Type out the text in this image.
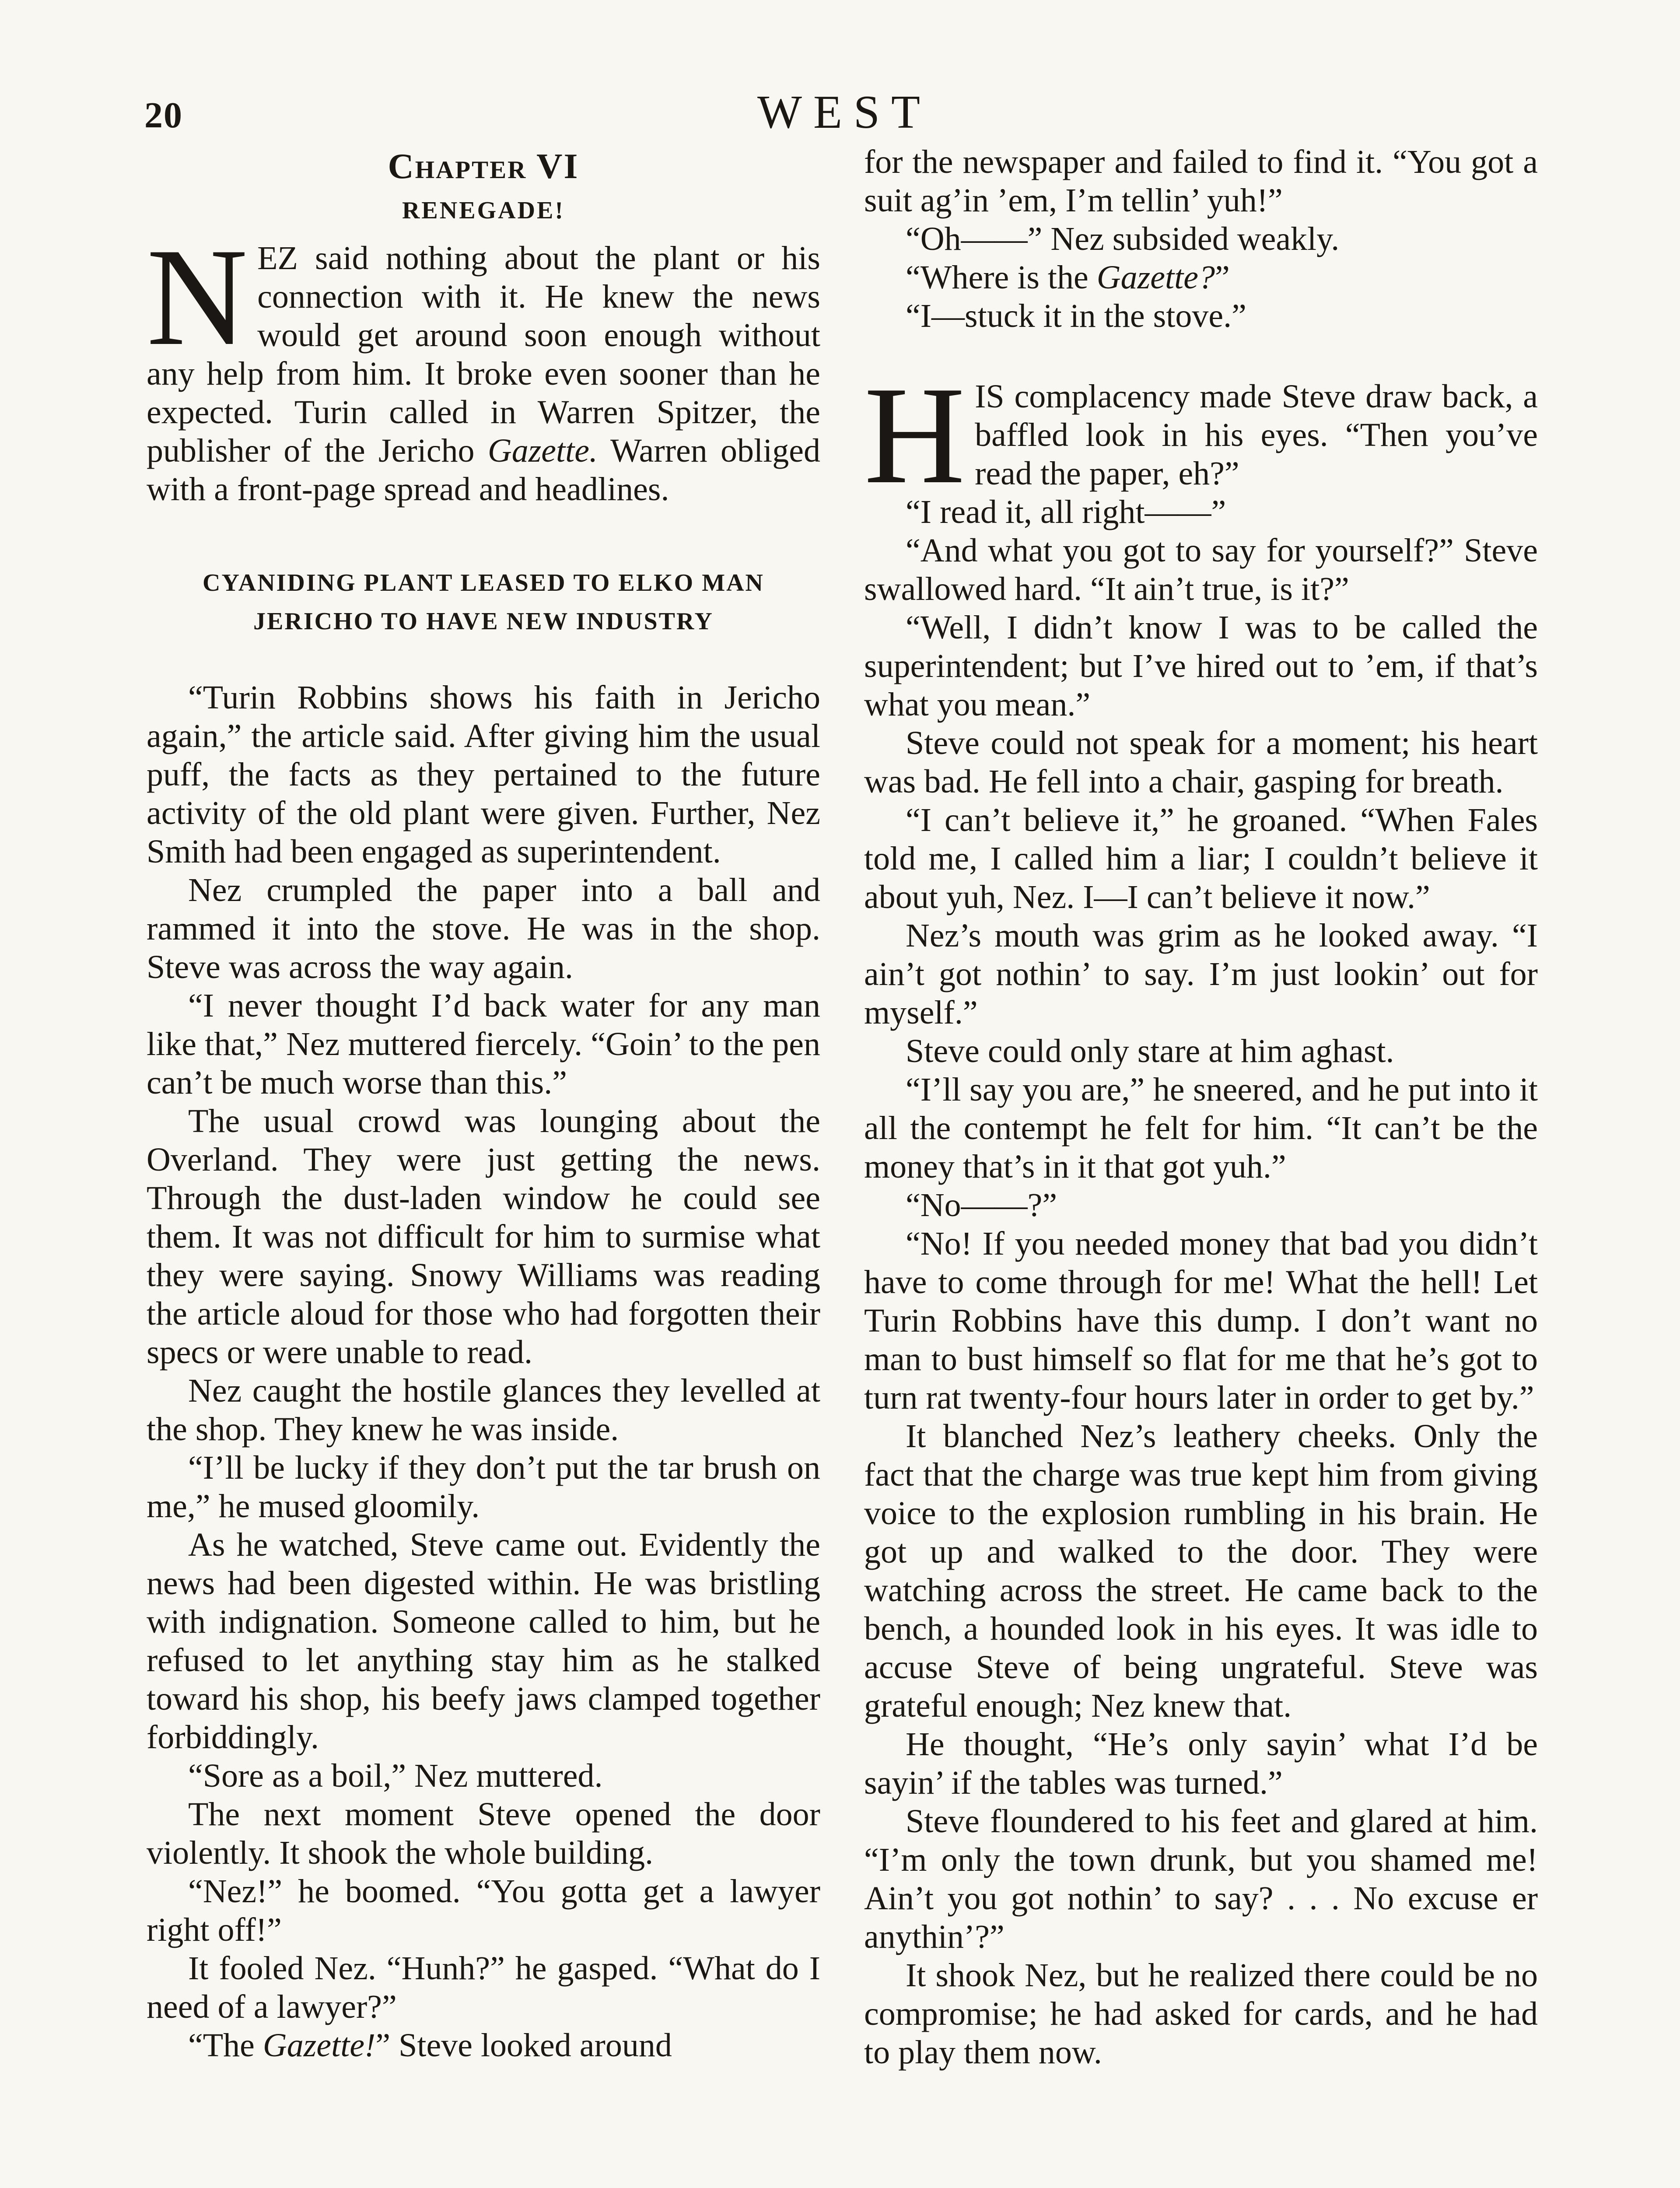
20	WEST
Chapter VI
RENEGADE!

NEZ said nothing about the plant or his connection with it. He knew the news would get around soon enough without any help from him. It broke even sooner than he expected. Turin called in Warren Spitzer, the publisher of the Jericho Gazette. Warren obliged with a front-page spread and headlines.

CYANIDING PLANT LEASED TO ELKO MAN

JERICHO TO HAVE NEW INDUSTRY

“Turin Robbins shows his faith in Jericho again,” the article said. After giving him the usual puff, the facts as they pertained to the future activity of the old plant were given. Further, Nez Smith had been engaged as superintendent.

Nez crumpled the paper into a ball and rammed it into the stove. He was in the shop. Steve was across the way again.

“I never thought I’d back water for any man like that,” Nez muttered fiercely. “Goin’ to the pen can’t be much worse than this.”

The usual crowd was lounging about the Overland. They were just getting the news. Through the dust-laden window he could see them. It was not difficult for him to surmise what they were saying. Snowy Williams was reading the article aloud for those who had forgotten their specs or were unable to read.

Nez caught the hostile glances they levelled at the shop. They knew he was inside.

“I’ll be lucky if they don’t put the tar brush on me,” he mused gloomily.

As he watched, Steve came out. Evidently the news had been digested within. He was bristling with indignation. Someone called to him, but he refused to let anything stay him as he stalked toward his shop, his beefy jaws clamped together forbiddingly.

“Sore as a boil,” Nez muttered.

The next moment Steve opened the door violently. It shook the whole building.

“Nez!” he boomed. “You gotta get a lawyer right off!”

It fooled Nez. “Hunh?” he gasped. “What do I need of a lawyer?”

“The Gazette!” Steve looked around

for the newspaper and failed to find it. “You got a suit ag’in ’em, I’m tellin’ yuh!”

“Oh——” Nez subsided weakly.

“Where is the Gazette?”

“I—stuck it in the stove.”

HIS complacency made Steve draw back, a baffled look in his eyes. “Then you’ve read the paper, eh?”

“I read it, all right——”

“And what you got to say for yourself?” Steve swallowed hard. “It ain’t true, is it?”

“Well, I didn’t know I was to be called the superintendent; but I’ve hired out to ’em, if that’s what you mean.”

Steve could not speak for a moment; his heart was bad. He fell into a chair, gasping for breath.

“I can’t believe it,” he groaned. “When Fales told me, I called him a liar; I couldn’t believe it about yuh, Nez. I—I can’t believe it now.”

Nez’s mouth was grim as he looked away. “I ain’t got nothin’ to say. I’m just lookin’ out for myself.”

Steve could only stare at him aghast.

“I’ll say you are,” he sneered, and he put into it all the contempt he felt for him. “It can’t be the money that’s in it that got yuh.”

“No——?”

“No! If you needed money that bad you didn’t have to come through for me! What the hell! Let Turin Robbins have this dump. I don’t want no man to bust himself so flat for me that he’s got to turn rat twenty-four hours later in order to get by.”

It blanched Nez’s leathery cheeks. Only the fact that the charge was true kept him from giving voice to the explosion rumbling in his brain. He got up and walked to the door. They were watching across the street. He came back to the bench, a hounded look in his eyes. It was idle to accuse Steve of being ungrateful. Steve was grateful enough; Nez knew that.

He thought, “He’s only sayin’ what I’d be sayin’ if the tables was turned.”

Steve floundered to his feet and glared at him. “I’m only the town drunk, but you shamed me! Ain’t you got nothin’ to say? . . . No excuse er anythin’?”

It shook Nez, but he realized there could be no compromise; he had asked for cards, and he had to play them now.
